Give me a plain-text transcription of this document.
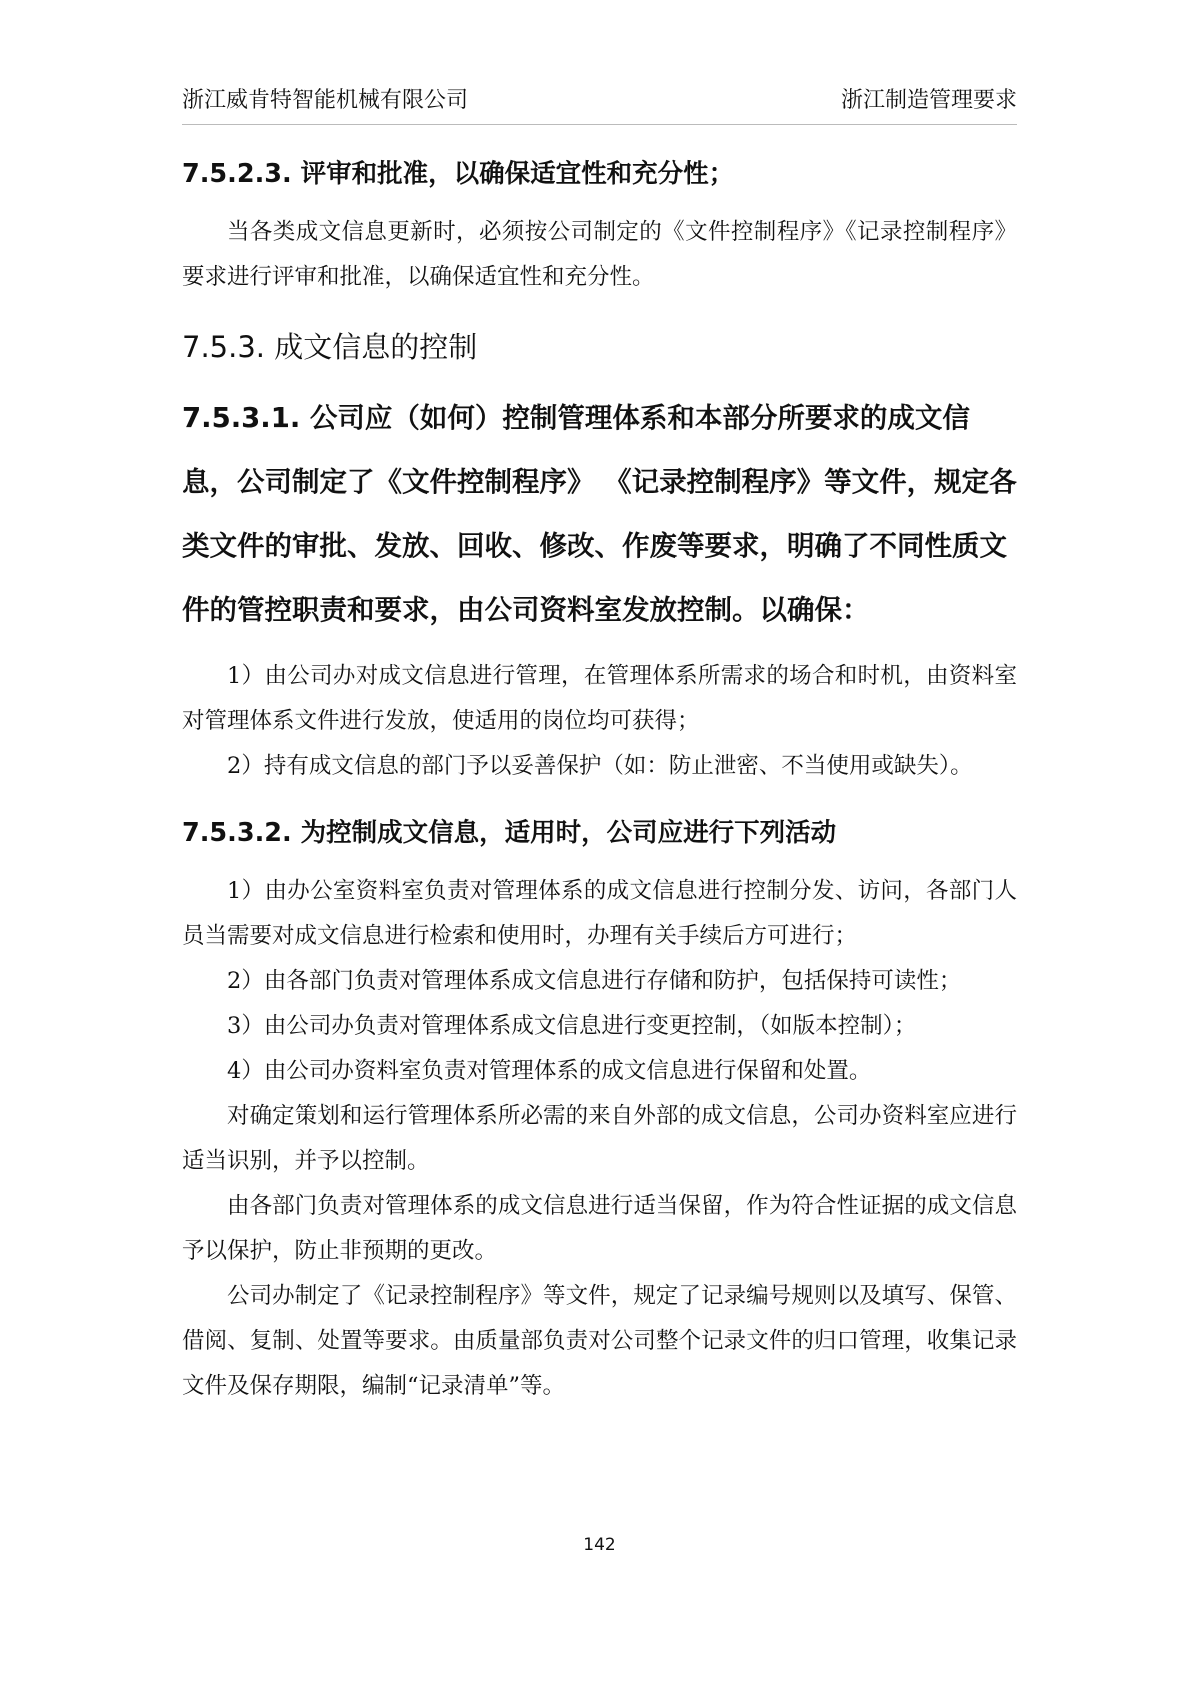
浙江威肯特智能机械有限公司	浙江制造管理要求
7.5.2.3. 评审和批准，以确保适宜性和充分性；

当各类成文信息更新时，必须按公司制定的《文件控制程序》《记录控制程序》要求进行评审和批准，以确保适宜性和充分性。

7.5.3. 成文信息的控制
7.5.3.1. 公司应（如何）控制管理体系和本部分所要求的成文信息，公司制定了《文件控制程序》 《记录控制程序》等文件，规定各类文件的审批、发放、回收、修改、作废等要求，明确了不同性质文件的管控职责和要求，由公司资料室发放控制。以确保：

1）由公司办对成文信息进行管理，在管理体系所需求的场合和时机，由资料室对管理体系文件进行发放，使适用的岗位均可获得；

2）持有成文信息的部门予以妥善保护（如：防止泄密、不当使用或缺失）。

7.5.3.2. 为控制成文信息，适用时，公司应进行下列活动

1）由办公室资料室负责对管理体系的成文信息进行控制分发、访问，各部门人员当需要对成文信息进行检索和使用时，办理有关手续后方可进行；

2）由各部门负责对管理体系成文信息进行存储和防护，包括保持可读性；

3）由公司办负责对管理体系成文信息进行变更控制，（如版本控制）；

4）由公司办资料室负责对管理体系的成文信息进行保留和处置。

对确定策划和运行管理体系所必需的来自外部的成文信息，公司办资料室应进行适当识别，并予以控制。

由各部门负责对管理体系的成文信息进行适当保留，作为符合性证据的成文信息予以保护，防止非预期的更改。

公司办制定了《记录控制程序》等文件，规定了记录编号规则以及填写、保管、借阅、复制、处置等要求。由质量部负责对公司整个记录文件的归口管理，收集记录文件及保存期限，编制“记录清单”等。

142
